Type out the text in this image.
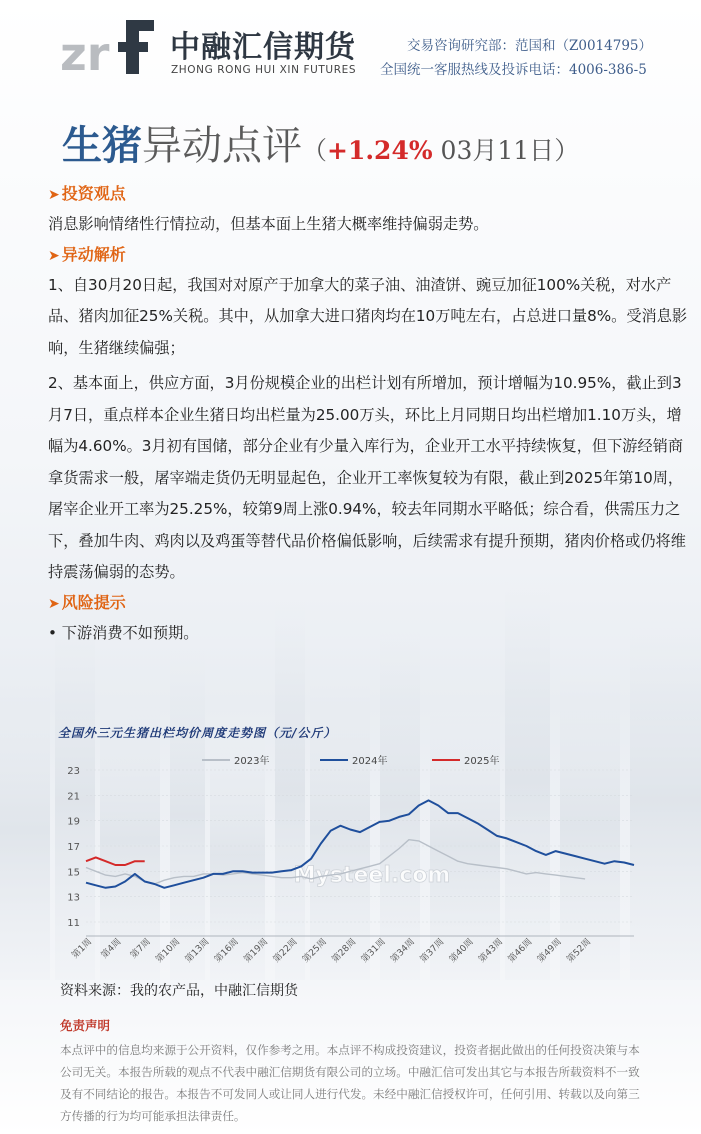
zr 中融汇信期货
ZHONG RONG HUI XIN FUTURES
交易咨询研究部：范国和（Z0014795）
全国统一客服热线及投诉电话：4006-386-5
生猪异动点评（+1.24% 03月11日）
➤ 投资观点

消息影响情绪性行情拉动，但基本面上生猪大概率维持偏弱走势。

➤ 异动解析

1、自30月20日起，我国对对原产于加拿大的菜子油、油渣饼、豌豆加征100%关税，对水产品、猪肉加征25%关税。其中，从加拿大进口猪肉均在10万吨左右，占总进口量8%。受消息影响，生猪继续偏强；

2、基本面上，供应方面，3月份规模企业的出栏计划有所增加，预计增幅为10.95%，截止到3月7日，重点样本企业生猪日均出栏量为25.00万头，环比上月同期日均出栏增加1.10万头，增幅为4.60%。3月初有国储，部分企业有少量入库行为，企业开工水平持续恢复，但下游经销商拿货需求一般，屠宰端走货仍无明显起色，企业开工率恢复较为有限，截止到2025年第10周，屠宰企业开工率为25.25%，较第9周上涨0.94%，较去年同期水平略低；综合看，供需压力之下，叠加牛肉、鸡肉以及鸡蛋等替代品价格偏低影响，后续需求有提升预期，猪肉价格或仍将维持震荡偏弱的态势。

➤ 风险提示
• 下游消费不如预期。
全国外三元生猪出栏均价周度走势图（元/公斤）
11
13
15
17
19
21
23
第1周 第4周 第7周 第10周 第13周 第16周 第19周 第22周 第25周 第28周 第31周 第34周 第37周 第40周 第43周 第46周 第49周 第52周
Mysteel.com
2023年	2024年	2025年
资料来源：我的农产品，中融汇信期货
免责声明
本点评中的信息均来源于公开资料，仅作参考之用。本点评不构成投资建议，投资者据此做出的任何投资决策与本公司无关。本报告所载的观点不代表中融汇信期货有限公司的立场。中融汇信可发出其它与本报告所载资料不一致及有不同结论的报告。本报告不可发同人或让同人进行代发。未经中融汇信授权许可，任何引用、转载以及向第三方传播的行为均可能承担法律责任。
